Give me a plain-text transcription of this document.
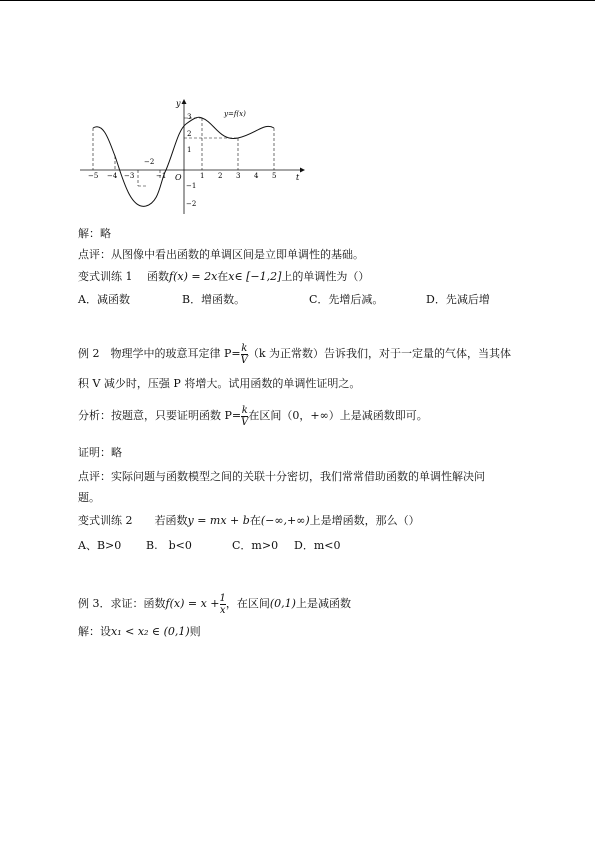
y
t
O
y=f(x)
−5 −4 −3	−1	1 2 3 4 5
−2
3
2
1
−1
−2
解：略
点评：从图像中看出函数的单调区间是立即单调性的基础。
变式训练 1　 函数f(x) = 2x在x∈ [−1,2]上的单调性为（）
A．减函数	B．增函数。	C．先增后减。	D．先减后增
例 2　物理学中的玻意耳定律 $P= \frac{k}{V} (k$ 为正常数）告诉我们，对于一定量的气体，当其体
积 V 减少时，压强 P 将增大。试用函数的单调性证明之。
分析：按题意，只要证明函数 $P= \frac{k}{V}$ 在区间（0，+∞）上是减函数即可。
证明：略
点评：实际问题与函数模型之间的关联十分密切，我们常常借助函数的单调性解决问
题。
变式训练 2　　若函数y = mx + b在(−∞,+∞)上是增函数，那么（）
A、B>0 B.　b<0	C．m>0 D．m<0
例 3．求证：函数$f(x) = x + \frac{1}{x}$ ，在区间(0,1)上是减函数
解：设x₁ < x₂ ∈ (0,1)则
